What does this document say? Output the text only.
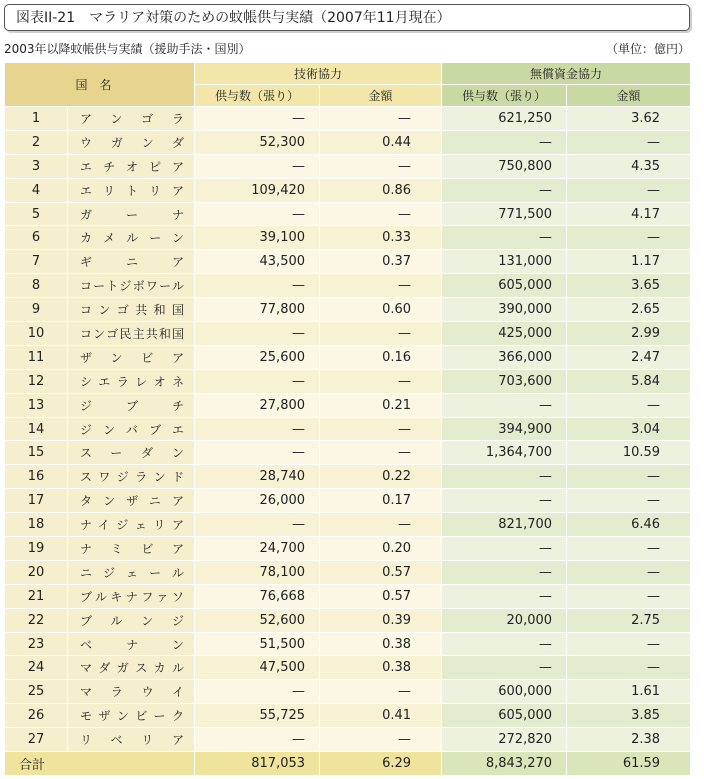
図表II-21　マラリア対策のための蚊帳供与実績（2007年11月現在）
2003年以降蚊帳供与実績（援助手法・国別）	（単位：億円）
国名		技術協力		無償資金協力	
		供与数（張り）	金額	供与数（張り）	金額
1	アンゴラ	—	—	621,250	3.62
2	ウガンダ	52,300	0.44	—	—
3	エチオピア	—	—	750,800	4.35
4	エリトリア	109,420	0.86	—	—
5	ガーナ	—	—	771,500	4.17
6	カメルーン	39,100	0.33	—	—
7	ギニア	43,500	0.37	131,000	1.17
8	コートジボワール	—	—	605,000	3.65
9	コンゴ共和国	77,800	0.60	390,000	2.65
10	コンゴ民主共和国	—	—	425,000	2.99
11	ザンビア	25,600	0.16	366,000	2.47
12	シエラレオネ	—	—	703,600	5.84
13	ジブチ	27,800	0.21	—	—
14	ジンバブエ	—	—	394,900	3.04
15	スーダン	—	—	1,364,700	10.59
16	スワジランド	28,740	0.22	—	—
17	タンザニア	26,000	0.17	—	—
18	ナイジェリア	—	—	821,700	6.46
19	ナミビア	24,700	0.20	—	—
20	ニジェール	78,100	0.57	—	—
21	ブルキナファソ	76,668	0.57	—	—
22	ブルンジ	52,600	0.39	20,000	2.75
23	ベナン	51,500	0.38	—	—
24	マダガスカル	47,500	0.38	—	—
25	マラウイ	—	—	600,000	1.61
26	モザンビーク	55,725	0.41	605,000	3.85
27	リベリア	—	—	272,820	2.38
合計		817,053	6.29	8,843,270	61.59
